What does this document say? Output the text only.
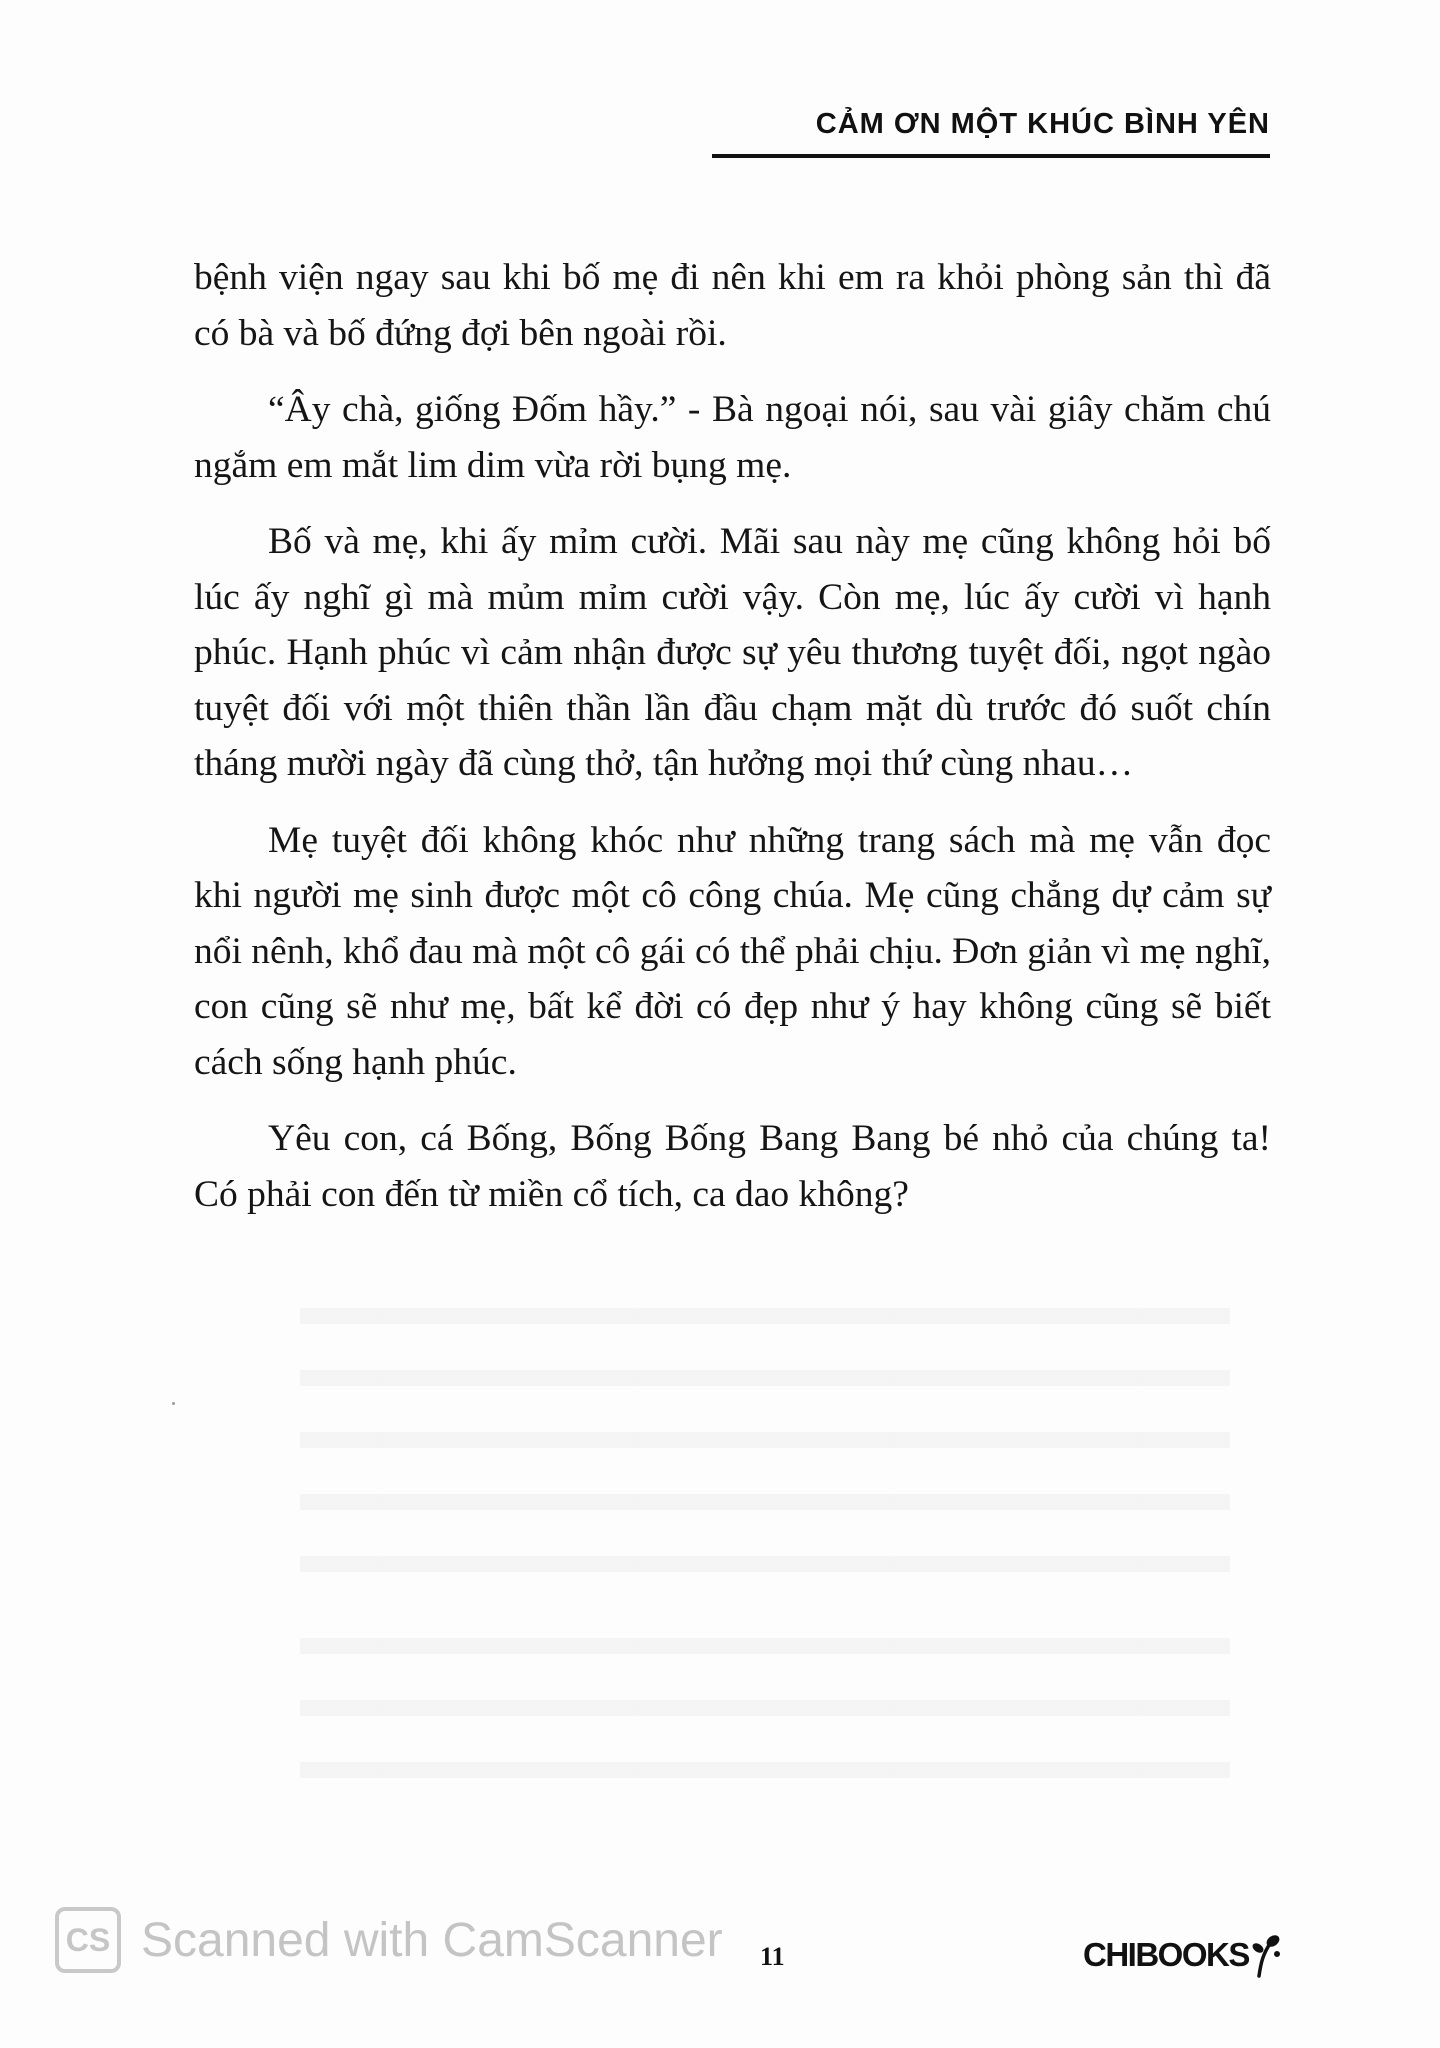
CẢM ƠN MỘT KHÚC BÌNH YÊN

bệnh viện ngay sau khi bố mẹ đi nên khi em ra khỏi phòng sản thì đã có bà và bố đứng đợi bên ngoài rồi.

“Ây chà, giống Đốm hầy.” - Bà ngoại nói, sau vài giây chăm chú ngắm em mắt lim dim vừa rời bụng mẹ.

Bố và mẹ, khi ấy mỉm cười. Mãi sau này mẹ cũng không hỏi bố lúc ấy nghĩ gì mà mủm mỉm cười vậy. Còn mẹ, lúc ấy cười vì hạnh phúc. Hạnh phúc vì cảm nhận được sự yêu thương tuyệt đối, ngọt ngào tuyệt đối với một thiên thần lần đầu chạm mặt dù trước đó suốt chín tháng mười ngày đã cùng thở, tận hưởng mọi thứ cùng nhau…

Mẹ tuyệt đối không khóc như những trang sách mà mẹ vẫn đọc khi người mẹ sinh được một cô công chúa. Mẹ cũng chẳng dự cảm sự nổi nênh, khổ đau mà một cô gái có thể phải chịu. Đơn giản vì mẹ nghĩ, con cũng sẽ như mẹ, bất kể đời có đẹp như ý hay không cũng sẽ biết cách sống hạnh phúc.

Yêu con, cá Bống, Bống Bống Bang Bang bé nhỏ của chúng ta! Có phải con đến từ miền cổ tích, ca dao không?

CS Scanned with CamScanner 11	CHIBOOKS
